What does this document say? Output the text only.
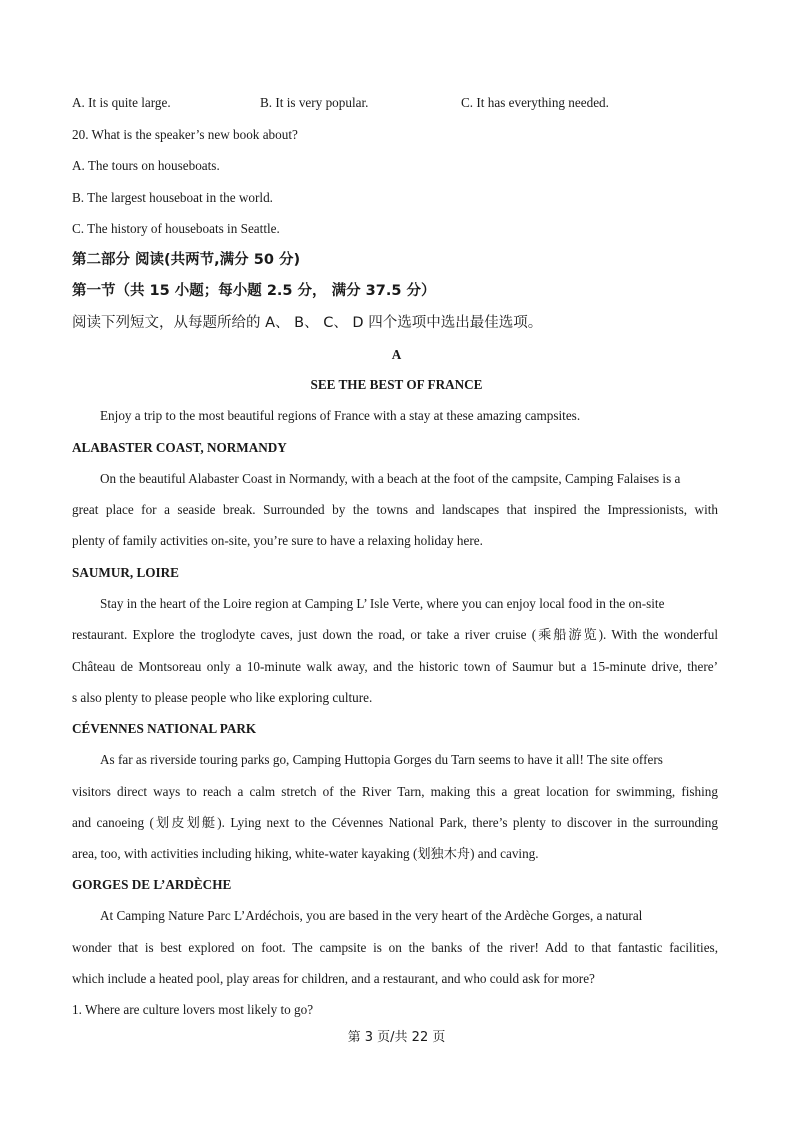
A. It is quite large.	B. It is very popular.	C. It has everything needed.
20. What is the speaker’s new book about?
A. The tours on houseboats.
B. The largest houseboat in the world.
C. The history of houseboats in Seattle.
第二部分 阅读(共两节,满分 50 分)
第一节（共 15 小题；每小题 2.5 分， 满分 37.5 分）
阅读下列短文，从每题所给的 A、 B、 C、 D 四个选项中选出最佳选项。
A
SEE THE BEST OF FRANCE
Enjoy a trip to the most beautiful regions of France with a stay at these amazing campsites.
ALABASTER COAST, NORMANDY
On the beautiful Alabaster Coast in Normandy, with a beach at the foot of the campsite, Camping Falaises is a
great place for a seaside break. Surrounded by the towns and landscapes that inspired the Impressionists, with
plenty of family activities on-site, you’re sure to have a relaxing holiday here.
SAUMUR, LOIRE
Stay in the heart of the Loire region at Camping L’ Isle Verte, where you can enjoy local food in the on-site
restaurant. Explore the troglodyte caves, just down the road, or take a river cruise (乘船游览). With the wonderful
Château de Montsoreau only a 10-minute walk away, and the historic town of Saumur but a 15-minute drive, there’
s also plenty to please people who like exploring culture.
CÉVENNES NATIONAL PARK
As far as riverside touring parks go, Camping Huttopia Gorges du Tarn seems to have it all! The site offers
visitors direct ways to reach a calm stretch of the River Tarn, making this a great location for swimming, fishing
and canoeing (划皮划艇). Lying next to the Cévennes National Park, there’s plenty to discover in the surrounding
area, too, with activities including hiking, white-water kayaking (划独木舟) and caving.
GORGES DE L’ARDÈCHE
At Camping Nature Parc L’Ardéchois, you are based in the very heart of the Ardèche Gorges, a natural
wonder that is best explored on foot. The campsite is on the banks of the river! Add to that fantastic facilities,
which include a heated pool, play areas for children, and a restaurant, and who could ask for more?
1. Where are culture lovers most likely to go?
第 3 页/共 22 页
